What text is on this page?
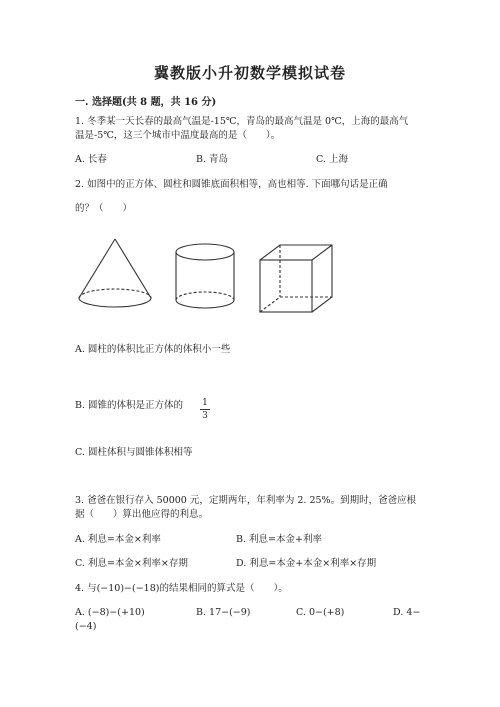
冀教版小升初数学模拟试卷
一. 选择题(共 8 题，共 16 分)
1. 冬季某一天长春的最高气温是-15℃，青岛的最高气温是 0℃，上海的最高气
温是-5℃，这三个城市中温度最高的是（　　）。
A. 长春	B. 青岛	C. 上海
2. 如图中的正方体、圆柱和圆锥底面积相等，高也相等. 下面哪句话是正确
的？（　　）
A. 圆柱的体积比正方体的体积小一些
B. 圆锥的体积是正方体的 1
3
C. 圆柱体积与圆锥体积相等
3. 爸爸在银行存入 50000 元，定期两年，年利率为 2. 25%。到期时，爸爸应根
据（　　）算出他应得的利息。
A. 利息=本金×利率	B. 利息=本金+利率
C. 利息=本金×利率×存期	D. 利息=本金+本金×利率×存期
4. 与(−10)−(−18)的结果相同的算式是（　　）。
A. (−8)−(+10)	B. 17−(−9)	C. 0−(+8)	D. 4−
(−4)
